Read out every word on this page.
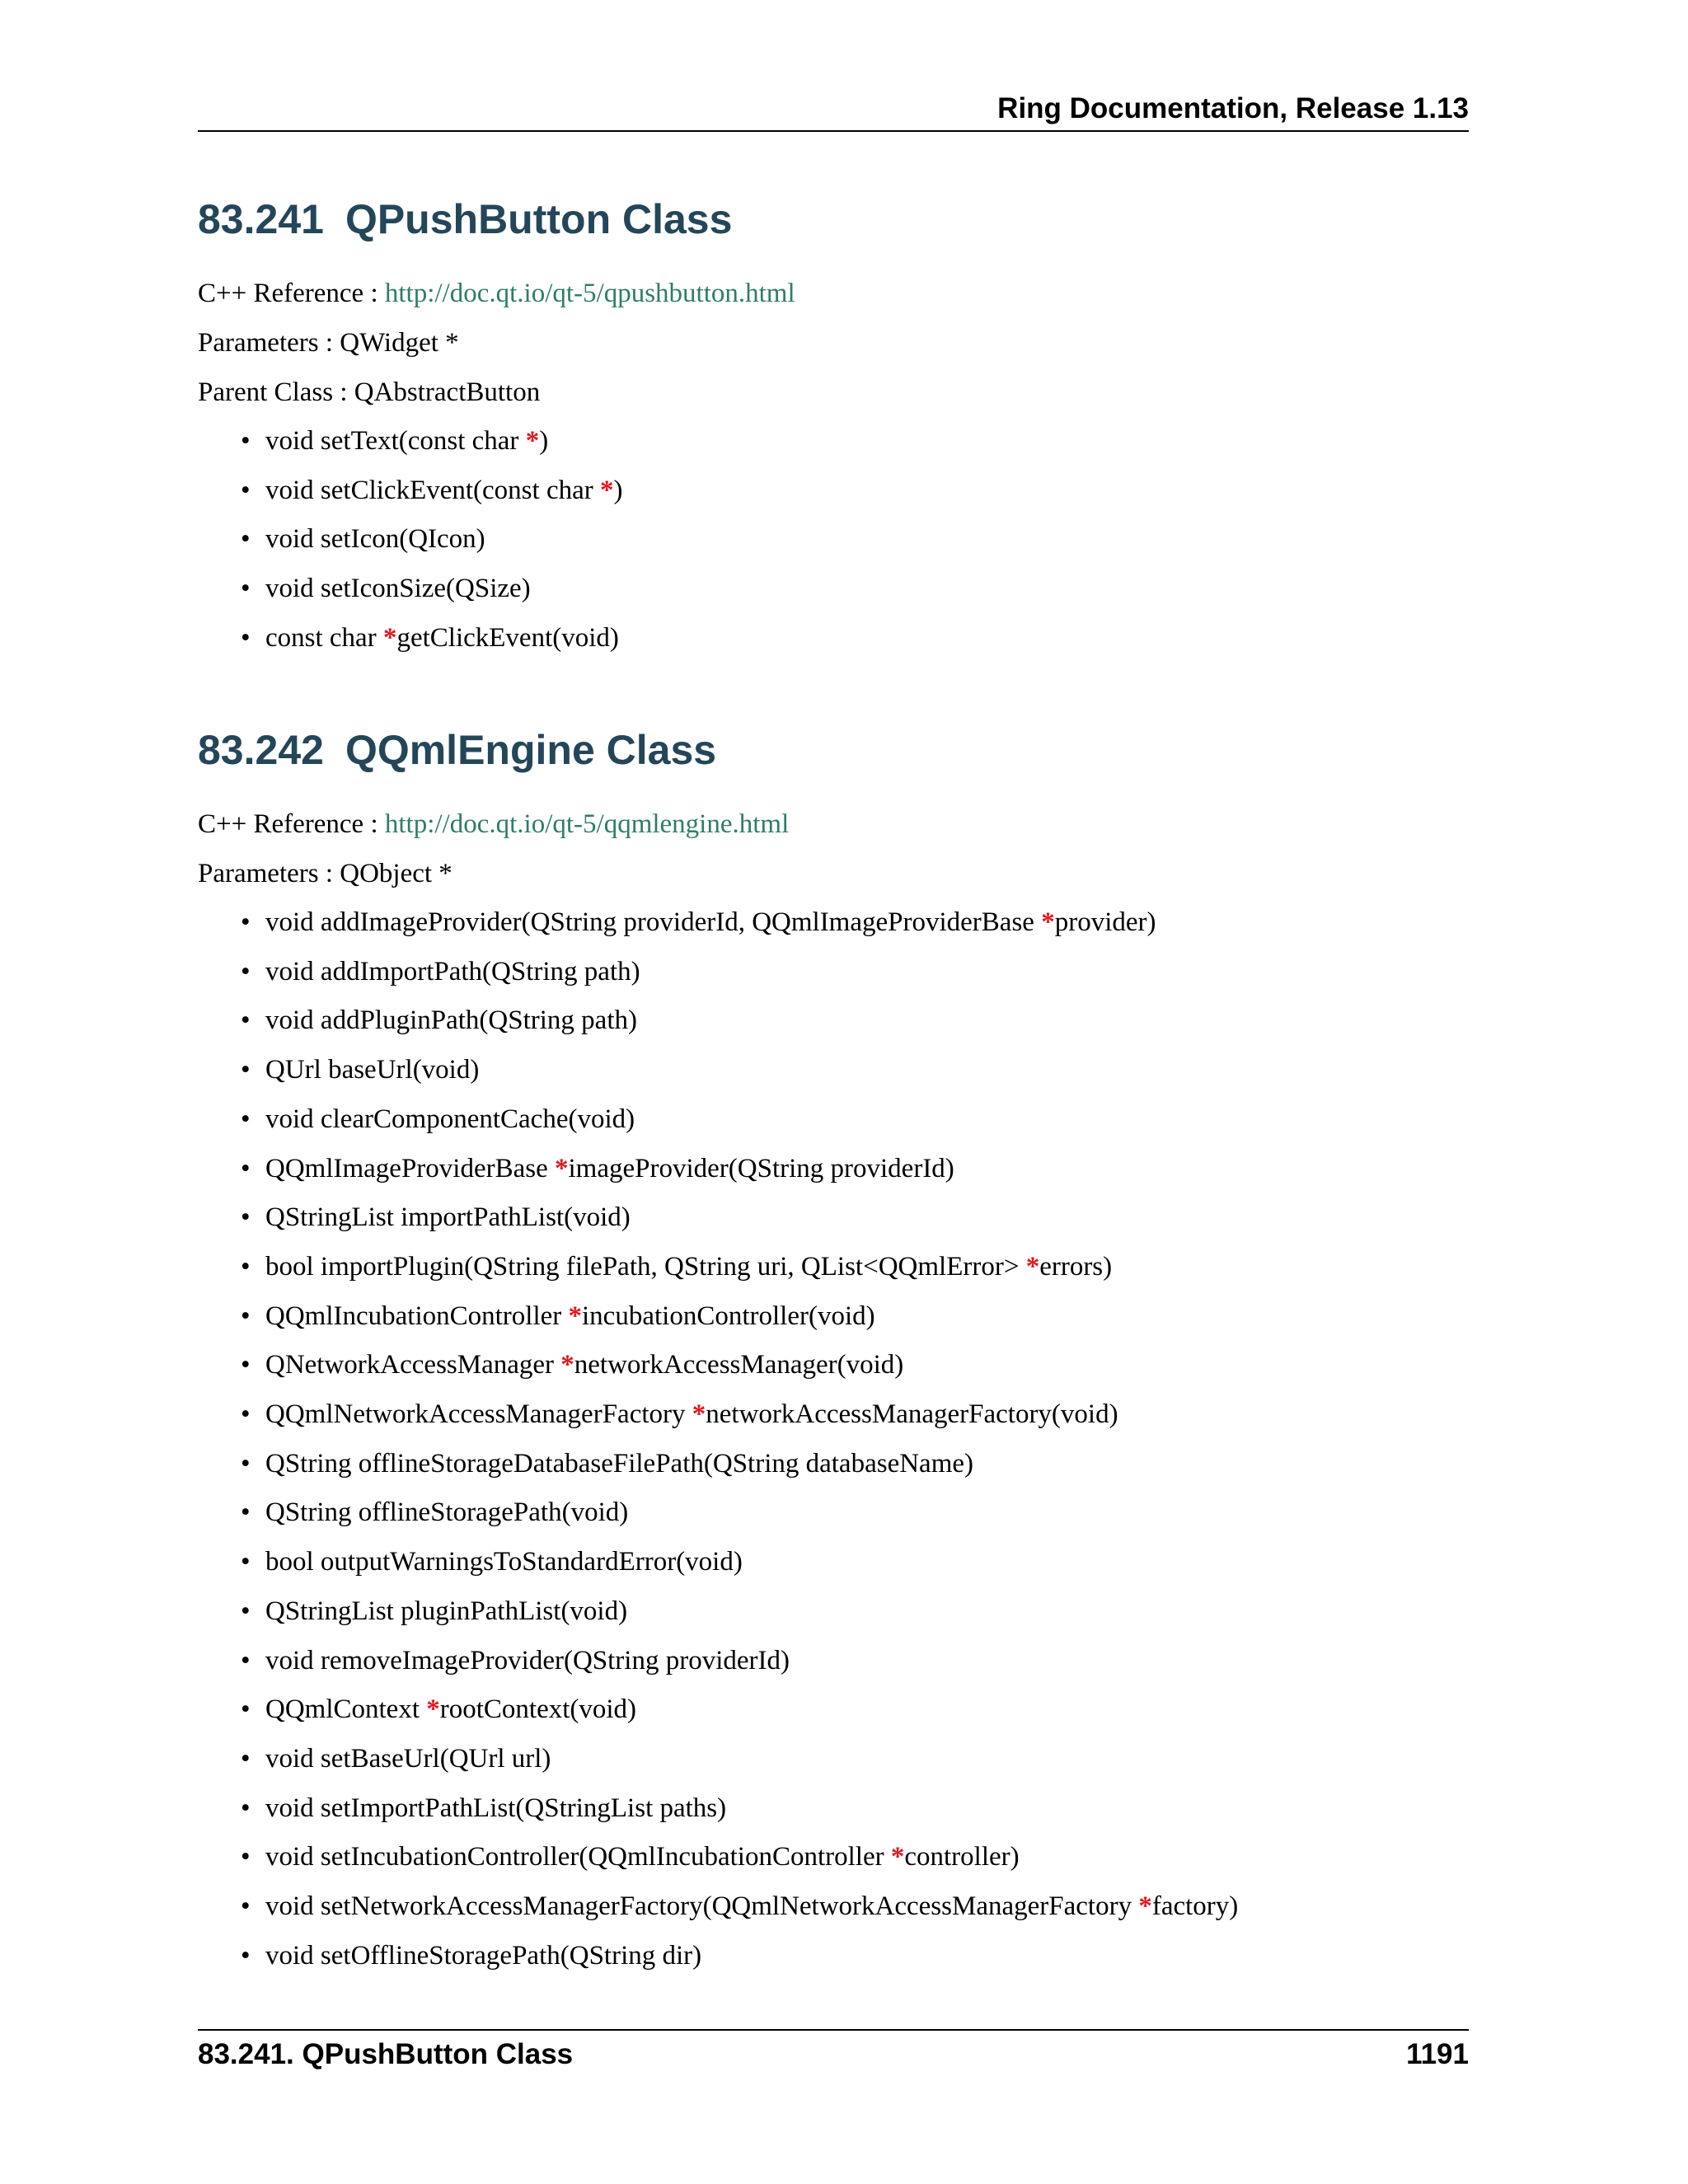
Ring Documentation, Release 1.13
83.241 QPushButton Class

C++ Reference : http://doc.qt.io/qt-5/qpushbutton.html

Parameters : QWidget *

Parent Class : QAbstractButton

• void setText(const char *)
• void setClickEvent(const char *)
• void setIcon(QIcon)
• void setIconSize(QSize)
• const char *getClickEvent(void)
83.242 QQmlEngine Class

C++ Reference : http://doc.qt.io/qt-5/qqmlengine.html

Parameters : QObject *

• void addImageProvider(QString providerId, QQmlImageProviderBase *provider)
• void addImportPath(QString path)
• void addPluginPath(QString path)
• QUrl baseUrl(void)
• void clearComponentCache(void)
• QQmlImageProviderBase *imageProvider(QString providerId)
• QStringList importPathList(void)
• bool importPlugin(QString filePath, QString uri, QList<QQmlError> *errors)
• QQmlIncubationController *incubationController(void)
• QNetworkAccessManager *networkAccessManager(void)
• QQmlNetworkAccessManagerFactory *networkAccessManagerFactory(void)
• QString offlineStorageDatabaseFilePath(QString databaseName)
• QString offlineStoragePath(void)
• bool outputWarningsToStandardError(void)
• QStringList pluginPathList(void)
• void removeImageProvider(QString providerId)
• QQmlContext *rootContext(void)
• void setBaseUrl(QUrl url)
• void setImportPathList(QStringList paths)
• void setIncubationController(QQmlIncubationController *controller)
• void setNetworkAccessManagerFactory(QQmlNetworkAccessManagerFactory *factory)
• void setOfflineStoragePath(QString dir)
83.241. QPushButton Class	1191
